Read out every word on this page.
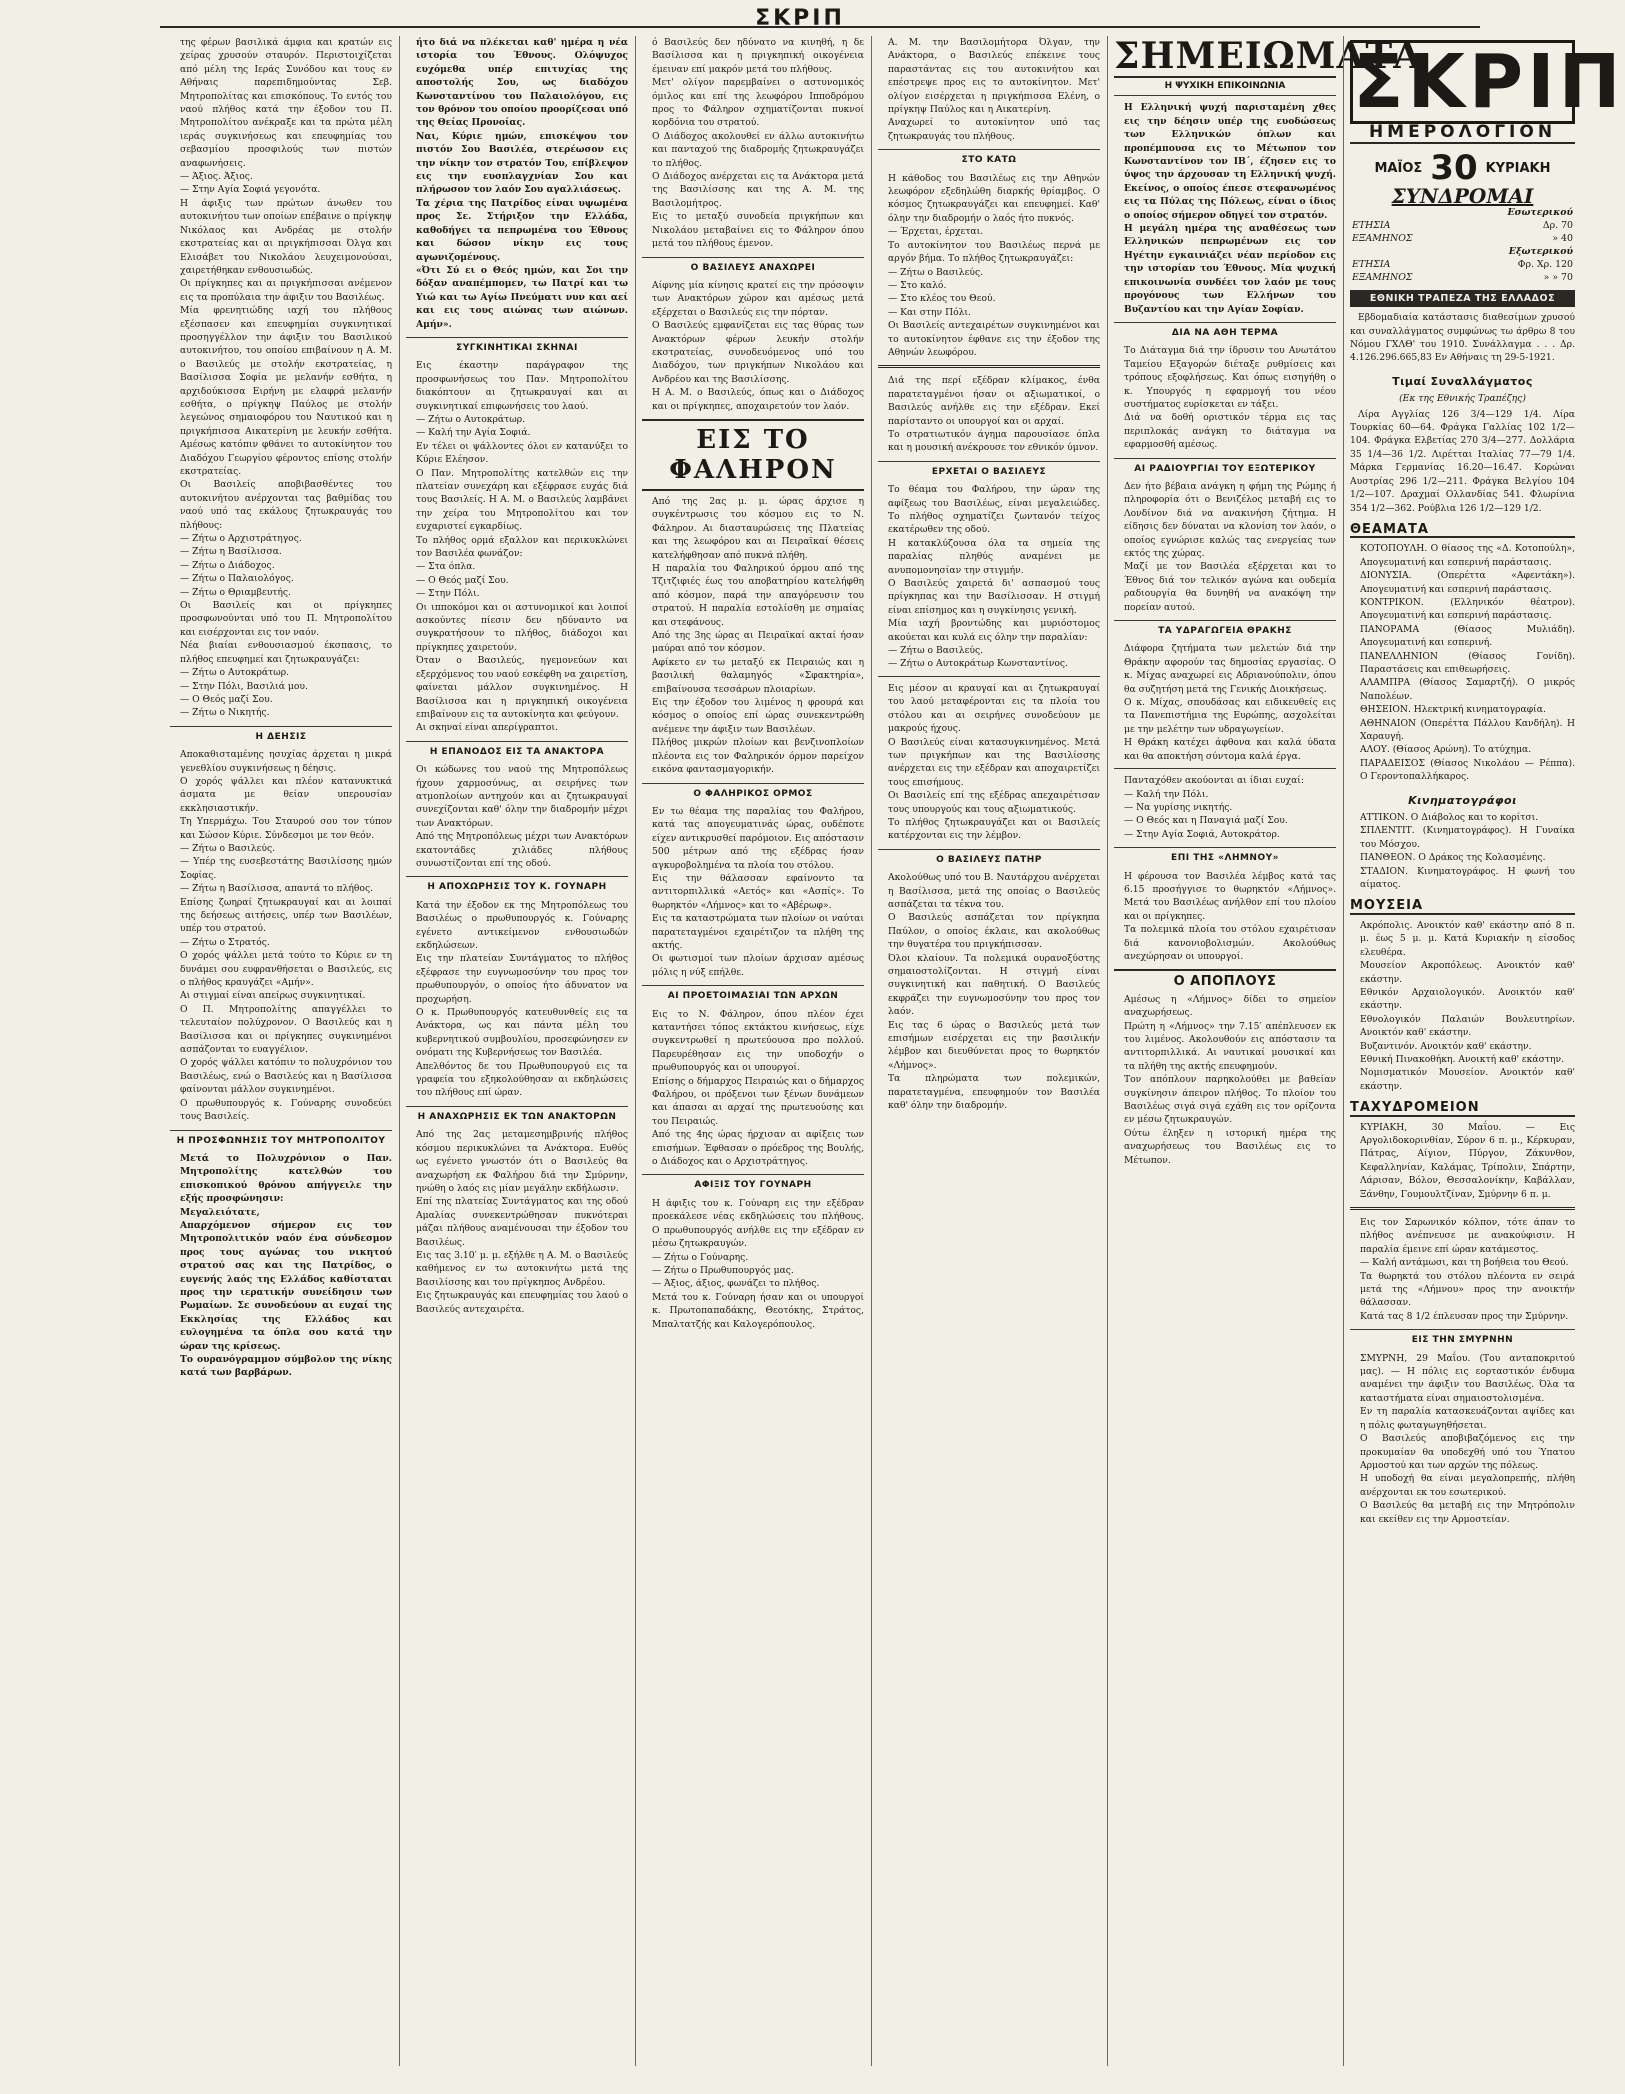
ΣΚΡΙΠ

της φέρων βασιλικά άμφια και κρατών εις χείρας χρυσούν σταυρόν. Περιστοιχίζεται από μέλη της Ιεράς Συνόδου και τους εν Αθήναις παρεπιδημούντας Σεβ. Μητροπολίτας και επισκόπους. Το εντός του ναού πλήθος κατά την έξοδον του Π. Μητροπολίτου ανέκραξε και τα πρώτα μέλη ιεράς συγκινήσεως και επευφημίας του σεβασμίου προσφιλούς των πιστών αναφωνήσεις.

— Άξιος. Άξιος.

— Στην Αγία Σοφιά γεγονότα.

Η άφιξις των πρώτων άνωθεν του αυτοκινήτου των οποίων επέβαινε ο πρίγκηψ Νικόλαος και Ανδρέας με στολήν εκστρατείας και αι πριγκήπισσαι Όλγα και Ελισάβετ του Νικολάου λευχειμονούσαι, χαιρετήθηκαν ενθουσιωδώς.

Οι πρίγκηπες και αι πριγκήπισσαι ανέμενον εις τα προπύλαια την άφιξιν του Βασιλέως.

Μία φρενητιώδης ιαχή του πλήθους εξέσπασεν και επευφημίαι συγκινητικαί προσηγγέλλον την άφιξιν του Βασιλικού αυτοκινήτου, του οποίου επιβαίνουν η Α. Μ. ο Βασιλεύς με στολήν εκστρατείας, η Βασίλισσα Σοφία με μελανήν εσθήτα, η αρχιδούκισσα Ειρήνη με ελαφρά μελανήν εσθήτα, ο πρίγκηψ Παύλος με στολήν λεγεώνος σημαιοφόρου του Ναυτικού και η πριγκήπισσα Αικατερίνη με λευκήν εσθήτα. Αμέσως κατόπιν φθάνει το αυτοκίνητον του Διαδόχου Γεωργίου φέροντος επίσης στολήν εκστρατείας.

Οι Βασιλείς αποβιβασθέντες του αυτοκινήτου ανέρχονται τας βαθμίδας του ναού υπό τας εκάλους ζητωκραυγάς του πλήθους:

— Ζήτω ο Αρχιστράτηγος.

— Ζήτω η Βασίλισσα.

— Ζήτω ο Διάδοχος.

— Ζήτω ο Παλαιολόγος.

— Ζήτω ο Θριαμβευτής.

Οι Βασιλείς και οι πρίγκηπες προσφωνούνται υπό του Π. Μητροπολίτου και εισέρχονται εις τον ναόν.

Νέα βιαίαι ενθουσιασμού έκσπασις, το πλήθος επευφημεί και ζητωκραυγάζει:

— Ζήτω ο Αυτοκράτωρ.

— Στην Πόλι, Βασιλιά μου.

— Ο Θεός μαζί Σου.

— Ζήτω ο Νικητής.

Η ΔΕΗΣΙΣ

Αποκαθισταμένης ησυχίας άρχεται η μικρά γενεθλίου συγκινήσεως η δέησις.

Ο χορός ψάλλει και πλέον κατανυκτικά άσματα με θείαν υπερουσίαν εκκλησιαστικήν.

Τη Υπερμάχω. Του Σταυρού σου τον τύπον και Σώσον Κύριε. Σύνδεσμοι με τον θεόν.

— Ζήτω ο Βασιλεύς.

— Υπέρ της ευσεβεστάτης Βασιλίσσης ημών Σοφίας.

— Ζήτω η Βασίλισσα, απαντά το πλήθος.

Επίσης ζωηραί ζητωκραυγαί και αι λοιπαί της δεήσεως αιτήσεις, υπέρ των Βασιλέων, υπέρ του στρατού.

— Ζήτω ο Στρατός.

Ο χορός ψάλλει μετά τούτο το Κύριε εν τη δυνάμει σου ευφρανθήσεται ο Βασιλεύς, εις ο πλήθος κραυγάζει «Αμήν».

Αι στιγμαί είναι απείρως συγκινητικαί.

Ο Π. Μητροπολίτης απαγγέλλει το τελευταίον πολύχρονον. Ο Βασιλεύς και η Βασίλισσα και οι πρίγκηπες συγκινημένοι ασπάζονται το ευαγγέλιον.

Ο χορός ψάλλει κατόπιν το πολυχρόνιον του Βασιλέως, ενώ ο Βασιλεύς και η Βασίλισσα φαίνονται μάλλον συγκινημένοι.

Ο πρωθυπουργός κ. Γούναρης συνοδεύει τους Βασιλείς.

Η ΠΡΟΣΦΩΝΗΣΙΣ ΤΟΥ ΜΗΤΡΟΠΟΛΙΤΟΥ

Μετά το Πολυχρόνιον ο Παν. Μητροπολίτης κατελθών του επισκοπικού θρόνου απήγγειλε την εξής προσφώνησιν:

Μεγαλειότατε,

Απαρχόμενον σήμερον εις τον Μητροπολιτικόν ναόν ένα σύνδεσμον προς τους αγώνας του νικητού στρατού σας και της Πατρίδος, ο ευγενής λαός της Ελλάδος καθίσταται προς την ιερατικήν συνείδησιν των Ρωμαίων. Σε συνοδεύουν αι ευχαί της Εκκλησίας της Ελλάδος και ευλογημένα τα όπλα σου κατά την ώραν της κρίσεως.

Το ουρανόγραμμον σύμβολον της νίκης κατά των βαρβάρων.

ήτο διά να πλέκεται καθ' ημέρα η νέα ιστορία του Έθνους. Ολόψυχος ευχόμεθα υπέρ επιτυχίας της αποστολής Σου, ως διαδόχου Κωνσταντίνου του Παλαιολόγου, εις τον θρόνον του οποίου προορίζεσαι υπό της Θείας Προνοίας.

Ναι, Κύριε ημών, επισκέψου τον πιστόν Σου Βασιλέα, στερέωσον εις την νίκην τον στρατόν Του, επίβλεψον εις την ευσπλαγχνίαν Σου και πλήρωσον τον λαόν Σου αγαλλιάσεως.

Τα χέρια της Πατρίδος είναι υψωμένα προς Σε. Στήριξον την Ελλάδα, καθοδήγει τα πεπρωμένα του Έθνους και δώσον νίκην εις τους αγωνιζομένους.

«Ότι Σύ ει ο Θεός ημών, και Σοι την δόξαν αναπέμπομεν, τω Πατρί και τω Υιώ και τω Αγίω Πνεύματι νυν και αεί και εις τους αιώνας των αιώνων. Αμήν».

ΣΥΓΚΙΝΗΤΙΚΑΙ ΣΚΗΝΑΙ

Εις έκαστην παράγραφον της προσφωνήσεως του Παν. Μητροπολίτου διακόπτουν αι ζητωκραυγαί και αι συγκινητικαί επιφωνήσεις του λαού.

— Ζήτω ο Αυτοκράτωρ.

— Καλή την Αγία Σοφιά.

Εν τέλει οι ψάλλοντες όλοι εν κατανύξει το Κύριε Ελέησον.

Ο Παν. Μητροπολίτης κατελθών εις την πλατείαν συνεχάρη και εξέφρασε ευχάς διά τους Βασιλείς. Η Α. Μ. ο Βασιλεύς λαμβάνει την χείρα του Μητροπολίτου και τον ευχαριστεί εγκαρδίως.

Το πλήθος ορμά εξαλλον και περικυκλώνει τον Βασιλέα φωνάζον:

— Στα όπλα.

— Ο Θεός μαζί Σου.

— Στην Πόλι.

Οι ιπποκόμοι και οι αστυνομικοί και λοιποί ασκούντες πίεσιν δεν ηδύναντο να συγκρατήσουν το πλήθος, διάδοχοι και πρίγκηπες χαιρετούν.

Όταν ο Βασιλεύς, ηγεμονεύων και εξερχόμενος του ναού εσκέφθη να χαιρετίση, φαίνεται μάλλον συγκινημένος. Η Βασίλισσα και η πριγκηπική οικογένεια επιβαίνουν εις τα αυτοκίνητα και φεύγουν.

Αι σκηναί είναι απερίγραπτοι.

Η ΕΠΑΝΟΔΟΣ ΕΙΣ ΤΑ ΑΝΑΚΤΟΡΑ

Οι κώδωνες του ναού της Μητροπόλεως ήχουν χαρμοσύνως, αι σειρήνες των ατμοπλοίων αντηχούν και αι ζητωκραυγαί συνεχίζονται καθ' όλην την διαδρομήν μέχρι των Ανακτόρων.

Από της Μητροπόλεως μέχρι των Ανακτόρων εκατοντάδες χιλιάδες πλήθους συνωστίζονται επί της οδού.

Η ΑΠΟΧΩΡΗΣΙΣ ΤΟΥ Κ. ΓΟΥΝΑΡΗ

Κατά την έξοδον εκ της Μητροπόλεως του Βασιλέως ο πρωθυπουργός κ. Γούναρης εγένετο αντικείμενον ενθουσιωδών εκδηλώσεων.

Εις την πλατείαν Συντάγματος το πλήθος εξέφρασε την ευγνωμοσύνην του προς τον πρωθυπουργόν, ο οποίος ήτο άδυνατον να προχωρήση.

Ο κ. Πρωθυπουργός κατευθυνθείς εις τα Ανάκτορα, ως και πάντα μέλη του κυβερνητικού συμβουλίου, προσεφώνησεν εν ονόματι της Κυβερνήσεως τον Βασιλέα.

Απελθόντος δε του Πρωθυπουργού εις τα γραφεία του εξηκολούθησαν αι εκδηλώσεις του πλήθους επί ώραν.

Η ΑΝΑΧΩΡΗΣΙΣ ΕΚ ΤΩΝ ΑΝΑΚΤΟΡΩΝ

Από της 2ας μεταμεσημβρινής πλήθος κόσμου περικυκλώνει τα Ανάκτορα. Ευθύς ως εγένετο γνωστόν ότι ο Βασιλεύς θα αναχωρήση εκ Φαλήρου διά την Σμύρνην, ηνώθη ο λαός εις μίαν μεγάλην εκδήλωσιν.

Επί της πλατείας Συντάγματος και της οδού Αμαλίας συνεκεντρώθησαν πυκνότεραι μάζαι πλήθους αναμένουσαι την έξοδον του Βασιλέως.

Εις τας 3.10′ μ. μ. εξήλθε η Α. Μ. ο Βασιλεύς καθήμενος εν τω αυτοκινήτω μετά της Βασιλίσσης και του πρίγκηπος Ανδρέου.

Εις ζητωκραυγάς και επευφημίας του λαού ο Βασιλεύς αντεχαιρέτα.

ό Βασιλεύς δεν ηδύνατο να κινηθή, η δε Βασίλισσα και η πριγκηπική οικογένεια έμειναν επί μακρόν μετά του πλήθους.

Μετ' ολίγον παρεμβαίνει ο αστυνομικός όμιλος και επί της λεωφόρου Ιπποδρόμου προς το Φάληρον σχηματίζονται πυκνοί κορδόνια του στρατού.

Ο Διάδοχος ακολουθεί εν άλλω αυτοκινήτω και πανταχού της διαδρομής ζητωκραυγάζει το πλήθος.

Ο Διάδοχος ανέρχεται εις τα Ανάκτορα μετά της Βασιλίσσης και της Α. Μ. της Βασιλομήτρος.

Εις το μεταξύ συνοδεία πριγκήπων και Νικολάου μεταβαίνει εις το Φάληρον όπου μετά του πλήθους έμενον.

Ο ΒΑΣΙΛΕΥΣ ΑΝΑΧΩΡΕΙ

Αίφνης μία κίνησις κρατεί εις την πρόσοψιν των Ανακτόρων χώρον και αμέσως μετά εξέρχεται ο Βασιλεύς εις την πόρταν.

Ο Βασιλεύς εμφανίζεται εις τας θύρας των Ανακτόρων φέρων λευκήν στολήν εκστρατείας, συνοδευόμενος υπό του Διαδόχου, των πριγκήπων Νικολάου και Ανδρέου και της Βασιλίσσης.

Η Α. Μ. ο Βασιλεύς, όπως και ο Διάδοχος και οι πρίγκηπες, αποχαιρετούν τον λαόν.

ΕΙΣ ΤΟ ΦΑΛΗΡΟΝ

Από της 2ας μ. μ. ώρας άρχισε η συγκέντρωσις του κόσμου εις το Ν. Φάληρον. Αι διασταυρώσεις της Πλατείας και της λεωφόρου και αι Πειραϊκαί θέσεις κατελήφθησαν από πυκνά πλήθη.

Η παραλία του Φαληρικού όρμου από της Τζιτζιφιές έως του αποβατηρίου κατελήφθη από κόσμον, παρά την απαγόρευσιν του στρατού. Η παραλία εστολίσθη με σημαίας και στεφάνους.

Από της 3ης ώρας αι Πειραϊκαί ακταί ήσαν μαύραι από τον κόσμον.

Αφίκετο εν τω μεταξύ εκ Πειραιώς και η βασιλική θαλαμηγός «Σφακτηρία», επιβαίνουσα τεσσάρων πλοιαρίων.

Εις την έξοδον του λιμένος η φρουρά και κόσμος ο οποίος επί ώρας συνεκεντρώθη ανέμενε την άφιξιν των Βασιλέων.

Πλήθος μικρών πλοίων και βενζινοπλοίων πλέοντα εις τον Φαληρικόν όρμον παρείχον εικόνα φαντασμαγορικήν.

Ο ΦΑΛΗΡΙΚΟΣ ΟΡΜΟΣ

Εν τω θέαμα της παραλίας του Φαλήρου, κατά τας απογευματινάς ώρας, ουδέποτε είχεν αντικρυσθεί παρόμοιον. Εις απόστασιν 500 μέτρων από της εξέδρας ήσαν αγκυροβολημένα τα πλοία του στόλου.

Εις την θάλασσαν εφαίνοντο τα αντιτορπιλλικά «Αετός» και «Ασπίς». Το θωρηκτόν «Λήμνος» και το «Αβέρωφ».

Εις τα καταστρώματα των πλοίων οι ναύται παρατεταγμένοι εχαιρέτιζον τα πλήθη της ακτής.

Οι φωτισμοί των πλοίων άρχισαν αμέσως μόλις η νύξ επήλθε.

ΑΙ ΠΡΟΕΤΟΙΜΑΣΙΑΙ ΤΩΝ ΑΡΧΩΝ

Εις το Ν. Φάληρον, όπου πλέον έχει καταντήσει τόπος εκτάκτου κινήσεως, είχε συγκεντρωθεί η πρωτεύουσα προ πολλού. Παρευρέθησαν εις την υποδοχήν ο πρωθυπουργός και οι υπουργοί.

Επίσης ο δήμαρχος Πειραιώς και ο δήμαρχος Φαλήρου, οι πρόξενοι των ξένων δυνάμεων και άπασαι αι αρχαί της πρωτευούσης και του Πειραιώς.

Από της 4ης ώρας ήρχισαν αι αφίξεις των επισήμων. Έφθασαν ο πρόεδρος της Βουλής, ο Διάδοχος και ο Αρχιστράτηγος.

ΑΦΙΞΙΣ ΤΟΥ ΓΟΥΝΑΡΗ

Η άφιξις του κ. Γούναρη εις την εξέδραν προεκάλεσε νέας εκδηλώσεις του πλήθους. Ο πρωθυπουργός ανήλθε εις την εξέδραν εν μέσω ζητωκραυγών.

— Ζήτω ο Γούναρης.

— Ζήτω ο Πρωθυπουργός μας.

— Άξιος, άξιος, φωνάζει το πλήθος.

Μετά του κ. Γούναρη ήσαν και οι υπουργοί κ. Πρωτοπαπαδάκης, Θεοτόκης, Στράτος, Μπαλτατζής και Καλογερόπουλος.

Α. Μ. την Βασιλομήτορα Όλγαν, την Ανάκτορα, ο Βασιλεύς επέκεινε τους παραστάντας εις του αυτοκινήτου και επέστρεψε προς εις το αυτοκίνητον. Μετ' ολίγον εισέρχεται η πριγκήπισσα Ελένη, ο πρίγκηψ Παύλος και η Αικατερίνη.

Αναχωρεί το αυτοκίνητον υπό τας ζητωκραυγάς του πλήθους.

ΣΤΟ ΚΑΤΩ

Η κάθοδος του Βασιλέως εις την Αθηνών λεωφόρον εξεδηλώθη διαρκής θρίαμβος. Ο κόσμος ζητωκραυγάζει και επευφημεί. Καθ' όλην την διαδρομήν ο λαός ήτο πυκνός.

— Έρχεται, έρχεται.

Το αυτοκίνητον του Βασιλέως περνά με αργόν βήμα. Το πλήθος ζητωκραυγάζει:

— Ζήτω ο Βασιλεύς.

— Στο καλό.

— Στο κλέος του Θεού.

— Και στην Πόλι.

Οι Βασιλείς αντεχαιρέτων συγκινημένοι και το αυτοκίνητον έφθανε εις την έξοδον της Αθηνών λεωφόρου.

Διά της περί εξέδραν κλίμακος, ένθα παρατεταγμένοι ήσαν οι αξιωματικοί, ο Βασιλεύς ανήλθε εις την εξέδραν. Εκεί παρίσταντο οι υπουργοί και οι αρχαί.

Το στρατιωτικόν άγημα παρουσίασε όπλα και η μουσική ανέκρουσε τον εθνικόν ύμνον.

ΕΡΧΕΤΑΙ Ο ΒΑΣΙΛΕΥΣ

Το θέαμα του Φαλήρου, την ώραν της αφίξεως του Βασιλέως, είναι μεγαλειώδες. Το πλήθος σχηματίζει ζωντανόν τείχος εκατέρωθεν της οδού.

Η κατακλύζουσα όλα τα σημεία της παραλίας πληθύς αναμένει με ανυπομονησίαν την στιγμήν.

Ο Βασιλεύς χαιρετά δι' ασπασμού τους πρίγκηπας και την Βασίλισσαν. Η στιγμή είναι επίσημος και η συγκίνησις γενική.

Μία ιαχή βροντώδης και μυριόστομος ακούεται και κυλά εις όλην την παραλίαν:

— Ζήτω ο Βασιλεύς.

— Ζήτω ο Αυτοκράτωρ Κωνσταντίνος.

Εις μέσον αι κραυγαί και αι ζητωκραυγαί του λαού μεταφέρονται εις τα πλοία του στόλου και αι σειρήνες συνοδεύουν με μακρούς ήχους.

Ο Βασιλεύς είναι κατασυγκινημένος. Μετά των πριγκήπων και της Βασιλίσσης ανέρχεται εις την εξέδραν και αποχαιρετίζει τους επισήμους.

Οι Βασιλείς επί της εξέδρας απεχαιρέτισαν τους υπουργούς και τους αξιωματικούς.

Το πλήθος ζητωκραυγάζει και οι Βασιλείς κατέρχονται εις την λέμβον.

Ο ΒΑΣΙΛΕΥΣ ΠΑΤΗΡ

Ακολούθως υπό του Β. Ναυτάρχου ανέρχεται η Βασίλισσα, μετά της οποίας ο Βασιλεύς ασπάζεται τα τέκνα του.

Ο Βασιλεύς ασπάζεται τον πρίγκηπα Παύλον, ο οποίος έκλαιε, και ακολούθως την θυγατέρα του πριγκήπισσαν.

Όλοι κλαίουν. Τα πολεμικά ουρανοξύστης σημαιοστολίζονται. Η στιγμή είναι συγκινητική και παθητική. Ο Βασιλεύς εκφράζει την ευγνωμοσύνην του προς τον λαόν.

Εις τας 6 ώρας ο Βασιλεύς μετά των επισήμων εισέρχεται εις την βασιλικήν λέμβον και διευθύνεται προς το θωρηκτόν «Λήμνος».

Τα πληρώματα των πολεμικών, παρατεταγμένα, επευφημούν τον Βασιλέα καθ' όλην την διαδρομήν.

ΣΗΜΕΙΩΜΑΤΑ
Η ΨΥΧΙΚΗ ΕΠΙΚΟΙΝΩΝΙΑ

Η Ελληνική ψυχή παρισταμένη χθες εις την δέησιν υπέρ της ευοδώσεως των Ελληνικών όπλων και προπέμπουσα εις το Μέτωπον τον Κωνσταντίνον τον ΙΒ΄, έζησεν εις το ύψος την άρχουσαν τη Ελληνική ψυχή. Εκείνος, ο οποίος έπεσε στεφανωμένος εις τα Πύλας της Πόλεως, είναι ο ίδιος ο οποίος σήμερον οδηγεί τον στρατόν.

Η μεγάλη ημέρα της αναθέσεως των Ελληνικών πεπρωμένων εις τον Ηγέτην εγκαινιάζει νέαν περίοδον εις την ιστορίαν του Έθνους. Μία ψυχική επικοινωνία συνδέει τον λαόν με τους προγόνους των Ελλήνων του Βυζαντίου και την Αγίαν Σοφίαν.

ΔΙΑ ΝΑ ΑΘΗ ΤΕΡΜΑ

Το Διάταγμα διά την ίδρυσιν του Ανωτάτου Ταμείου Εξαγορών διέταξε ρυθμίσεις και τρόπους εξοφλήσεως. Και όπως εισηγήθη ο κ. Υπουργός η εφαρμογή του νέου συστήματος ευρίσκεται εν τάξει.

Διά να δοθή οριστικόν τέρμα εις τας περιπλοκάς ανάγκη το διάταγμα να εφαρμοσθή αμέσως.

ΑΙ ΡΑΔΙΟΥΡΓΙΑΙ ΤΟΥ ΕΞΩΤΕΡΙΚΟΥ

Δεν ήτο βέβαια ανάγκη η φήμη της Ρώμης ή πληροφορία ότι ο Βενιζέλος μεταβή εις το Λονδίνον διά να ανακινήση ζήτημα. Η είδησις δεν δύναται να κλονίση τον λαόν, ο οποίος εγνώρισε καλώς τας ενεργείας των εκτός της χώρας.

Μαζί με τον Βασιλέα εξέρχεται και το Έθνος διά τον τελικόν αγώνα και ουδεμία ραδιουργία θα δυνηθή να ανακόψη την πορείαν αυτού.

ΤΑ ΥΔΡΑΓΩΓΕΙΑ ΘΡΑΚΗΣ

Διάφορα ζητήματα των μελετών διά την Θράκην αφορούν τας δημοσίας εργασίας. Ο κ. Μίχας αναχωρεί εις Αδριανούπολιν, όπου θα συζητήση μετά της Γενικής Διοικήσεως.

Ο κ. Μίχας, σπουδάσας και ειδικευθείς εις τα Πανεπιστήμια της Ευρώπης, ασχολείται με την μελέτην των υδραγωγείων.

Η Θράκη κατέχει άφθονα και καλά ύδατα και θα αποκτήση σύντομα καλά έργα.

Πανταχόθεν ακούονται αι ίδιαι ευχαί:

— Καλή την Πόλι.

— Να γυρίσης νικητής.

— Ο Θεός και η Παναγιά μαζί Σου.

— Στην Αγία Σοφιά, Αυτοκράτορ.

ΕΠΙ ΤΗΣ «ΛΗΜΝΟΥ»

Η φέρουσα τον Βασιλέα λέμβος κατά τας 6.15 προσήγγισε το θωρηκτόν «Λήμνος». Μετά του Βασιλέως ανήλθον επί του πλοίου και οι πρίγκηπες.

Τα πολεμικά πλοία του στόλου εχαιρέτισαν διά κανονιοβολισμών. Ακολούθως ανεχώρησαν οι υπουργοί.

Ο ΑΠΟΠΛΟΥΣ

Αμέσως η «Λήμνος» δίδει το σημείον αναχωρήσεως.

Πρώτη η «Λήμνος» την 7.15′ απέπλευσεν εκ του λιμένος. Ακολουθούν εις απόστασιν τα αντιτορπιλλικά. Αι ναυτικαί μουσικαί και τα πλήθη της ακτής επευφημούν.

Τον απόπλουν παρηκολούθει με βαθείαν συγκίνησιν άπειρον πλήθος. Το πλοίον του Βασιλέως σιγά σιγά εχάθη εις τον ορίζοντα εν μέσω ζητωκραυγών.

Ούτω έληξεν η ιστορική ημέρα της αναχωρήσεως του Βασιλέως εις το Μέτωπον.

ΣΚΡΙΠ
ΗΜΕΡΟΛΟΓΙΟΝ
ΜΑΪΟΣ 30 ΚΥΡΙΑΚΗ
ΣΥΝΔΡΟΜΑΙ
Εσωτερικού	
ΕΤΗΣΙΑ	Δρ. 70
ΕΞΑΜΗΝΟΣ	» 40
Εξωτερικού	
ΕΤΗΣΙΑ	Φρ. Χρ. 120
ΕΞΑΜΗΝΟΣ	» » 70
ΕΘΝΙΚΗ ΤΡΑΠΕΖΑ ΤΗΣ ΕΛΛΑΔΟΣ

Εβδομαδιαία κατάστασις διαθεσίμων χρυσού και συναλλάγματος συμφώνως τω άρθρω 8 του Νόμου ΓΧΛΘ' του 1910. Συνάλλαγμα . . . Δρ. 4.126.296.665,83 Εν Αθήναις τη 29-5-1921.

Τιμαί Συναλλάγματος
(Εκ της Εθνικής Τραπέζης)

Λίρα Αγγλίας 126 3/4—129 1/4. Λίρα Τουρκίας 60—64. Φράγκα Γαλλίας 102 1/2—104. Φράγκα Ελβετίας 270 3/4—277. Δολλάρια 35 1/4—36 1/2. Λιρέτται Ιταλίας 77—79 1/4. Μάρκα Γερμανίας 16.20—16.47. Κορώναι Αυστρίας 296 1/2—211. Φράγκα Βελγίου 104 1/2—107. Δραχμαί Ολλανδίας 541. Φλωρίνια 354 1/2—362. Ρούβλια 126 1/2—129 1/2.

ΘΕΑΜΑΤΑ

ΚΟΤΟΠΟΥΛΗ. Ο θίασος της «Δ. Κοτοπούλη», Απογευματινή και εσπερινή παράστασις.

ΔΙΟΝΥΣΙΑ. (Οπερέττα «Αφεντάκη»). Απογευματινή και εσπερινή παράστασις.

ΚΟΝΤΡΙΚΟΝ. (Ελληνικόν θέατρον). Απογευματινή και εσπερινή παράστασις.

ΠΑΝΟΡΑΜΑ (Θίασος Μυλιάδη). Απογευματινή και εσπερινή.

ΠΑΝΕΛΛΗΝΙΟΝ (Θίασος Γονίδη). Παραστάσεις και επιθεωρήσεις.

ΑΛΑΜΠΡΑ (Θίασος Σαμαρτζή). Ο μικρός Ναπολέων.

ΘΗΣΕΙΟΝ. Ηλεκτρική κινηματογραφία.

ΑΘΗΝΑΙΟΝ (Οπερέττα Πάλλου Κανδήλη). Η Χαραυγή.

ΑΛΟΥ. (Θίασος Αρώνη). Το ατύχημα.

ΠΑΡΑΔΕΙΣΟΣ (Θίασος Νικολάου — Ρέππα). Ο Γεροντοπαλλήκαρος.

Κινηματογράφοι

ΑΤΤΙΚΟΝ. Ο Διάβολος και το κορίτσι.

ΣΠΛΕΝΤΙΤ. (Κινηματογράφος). Η Γυναίκα του Μόσχου.

ΠΑΝΘΕΟΝ. Ο Δράκος της Κολασμένης.

ΣΤΑΔΙΟΝ. Κινηματογράφος. Η φωνή του αίματος.

ΜΟΥΣΕΙΑ

Ακρόπολις. Ανοικτόν καθ' εκάστην από 8 π. μ. έως 5 μ. μ. Κατά Κυριακήν η είσοδος ελευθέρα.

Μουσείον Ακροπόλεως. Ανοικτόν καθ' εκάστην.

Εθνικόν Αρχαιολογικόν. Ανοικτόν καθ' εκάστην.

Εθνολογικόν Παλαιών Βουλευτηρίων. Ανοικτόν καθ' εκάστην.

Βυζαντινόν. Ανοικτόν καθ' εκάστην.

Εθνική Πινακοθήκη. Ανοικτή καθ' εκάστην.

Νομισματικόν Μουσείον. Ανοικτόν καθ' εκάστην.

ΤΑΧΥΔΡΟΜΕΙΟΝ

ΚΥΡΙΑΚΗ, 30 Μαΐου. — Εις Αργολιδοκορινθίαν, Σύρον 6 π. μ., Κέρκυραν, Πάτρας, Αίγιον, Πύργον, Ζάκυνθον, Κεφαλληνίαν, Καλάμας, Τρίπολιν, Σπάρτην, Λάρισαν, Βόλον, Θεσσαλονίκην, Καβάλλαν, Ξάνθην, Γουμουλτζίναν, Σμύρνην 6 π. μ.

Εις τον Σαρωνικόν κόλπον, τότε άπαν το πλήθος ανέπνευσε με ανακούφισιν. Η παραλία έμεινε επί ώραν κατάμεστος.

— Καλή αντάμωσι, και τη βοήθεια του Θεού.

Τα θωρηκτά του στόλου πλέοντα εν σειρά μετά της «Λήμνου» προς την ανοικτήν θάλασσαν.

Κατά τας 8 1/2 έπλευσαν προς την Σμύρνην.

ΕΙΣ ΤΗΝ ΣΜΥΡΝΗΝ

ΣΜΥΡΝΗ, 29 Μαΐου. (Του ανταποκριτού μας). — Η πόλις εις εορταστικόν ένδυμα αναμένει την άφιξιν του Βασιλέως. Όλα τα καταστήματα είναι σημαιοστολισμένα.

Εν τη παραλία κατασκευάζονται αψίδες και η πόλις φωταγωγηθήσεται.

Ο Βασιλεύς αποβιβαζόμενος εις την προκυμαίαν θα υποδεχθή υπό του Ύπατου Αρμοστού και των αρχών της πόλεως.

Η υποδοχή θα είναι μεγαλοπρεπής, πλήθη ανέρχονται εκ του εσωτερικού.

Ο Βασιλεύς θα μεταβή εις την Μητρόπολιν και εκείθεν εις την Αρμοστείαν.
